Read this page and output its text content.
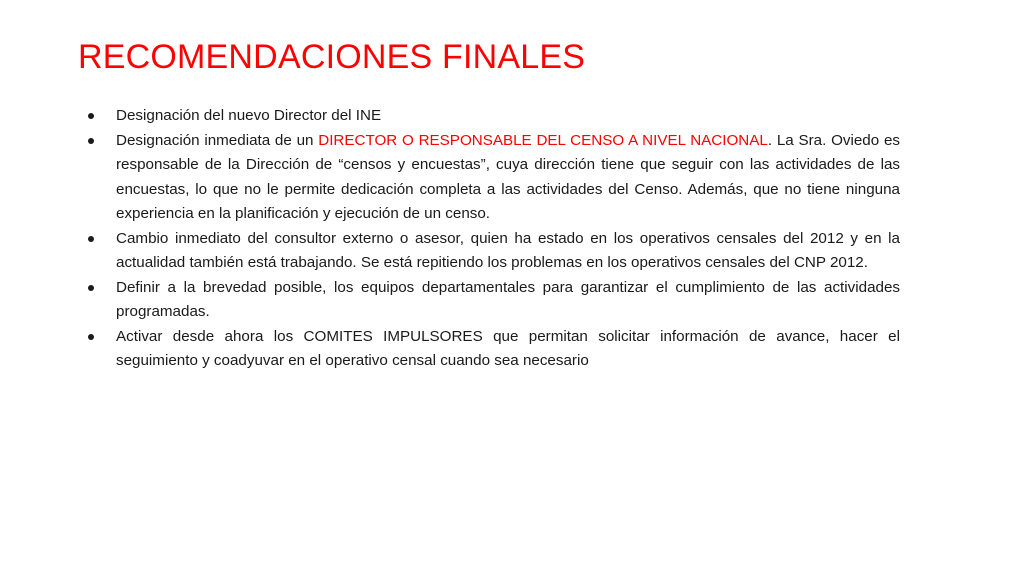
RECOMENDACIONES FINALES
Designación del nuevo Director del INE
Designación inmediata de un DIRECTOR O RESPONSABLE DEL CENSO A NIVEL NACIONAL. La Sra. Oviedo es responsable de la Dirección de “censos y encuestas”, cuya dirección tiene que seguir con las actividades de las encuestas, lo que no le permite dedicación completa a las actividades del Censo. Además, que no tiene ninguna experiencia en la planificación y ejecución de un censo.
Cambio inmediato del consultor externo o asesor, quien ha estado en los operativos censales del 2012 y en la actualidad también está trabajando. Se está repitiendo los problemas en los operativos censales del CNP 2012.
Definir a la brevedad posible, los equipos departamentales para garantizar el cumplimiento de las actividades programadas.
Activar desde ahora los COMITES IMPULSORES que permitan solicitar información de avance, hacer el seguimiento y coadyuvar en el operativo censal cuando sea necesario
